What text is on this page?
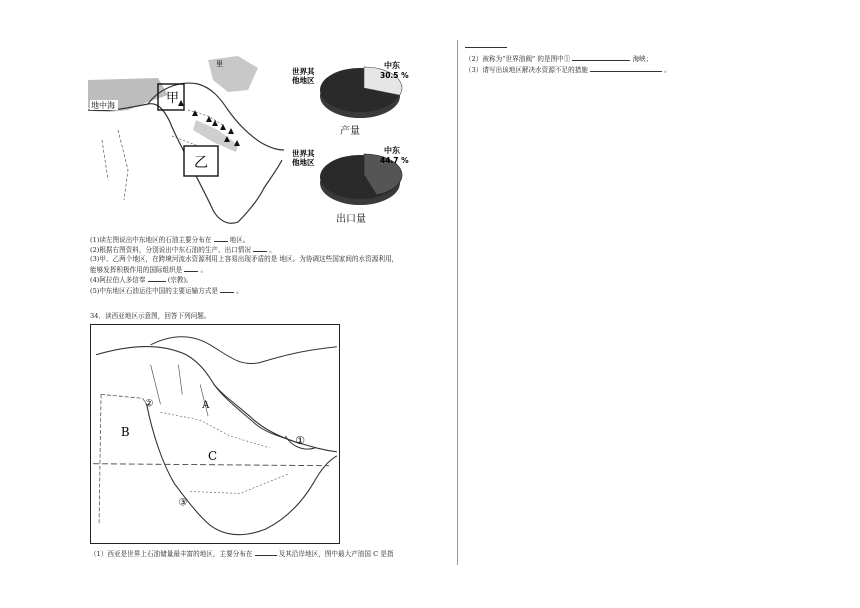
甲
乙
地中海
里
世界其
他地区
中东
30.5 %
产量
世界其
他地区
中东
44.7 %
出口量
(1)读左图说出中东地区的石油主要分布在	地区。
(2)根据右图资料，分别说出中东石油的生产、出口情况	。
(3)甲、乙两个地区，在跨境河流水资源利用上容易出现矛盾的是 地区。为协调这些国家间的水资源利用，
能够发挥积极作用的国际组织是	。
(4)阿拉伯人多信奉	(宗教)。
(5)中东地区石油运往中国的主要运输方式是	。
34．读西亚地区示意图，回答下列问题。
A
B
C
①
②
③
（1）西亚是世界上石油储量最丰富的地区，主要分布在	及其沿岸地区，图中最大产油国 C 是指
（2）被称为“世界油阀” 的是图中①	海峡；
（3）请写出该地区解决水资源不足的措施	。
